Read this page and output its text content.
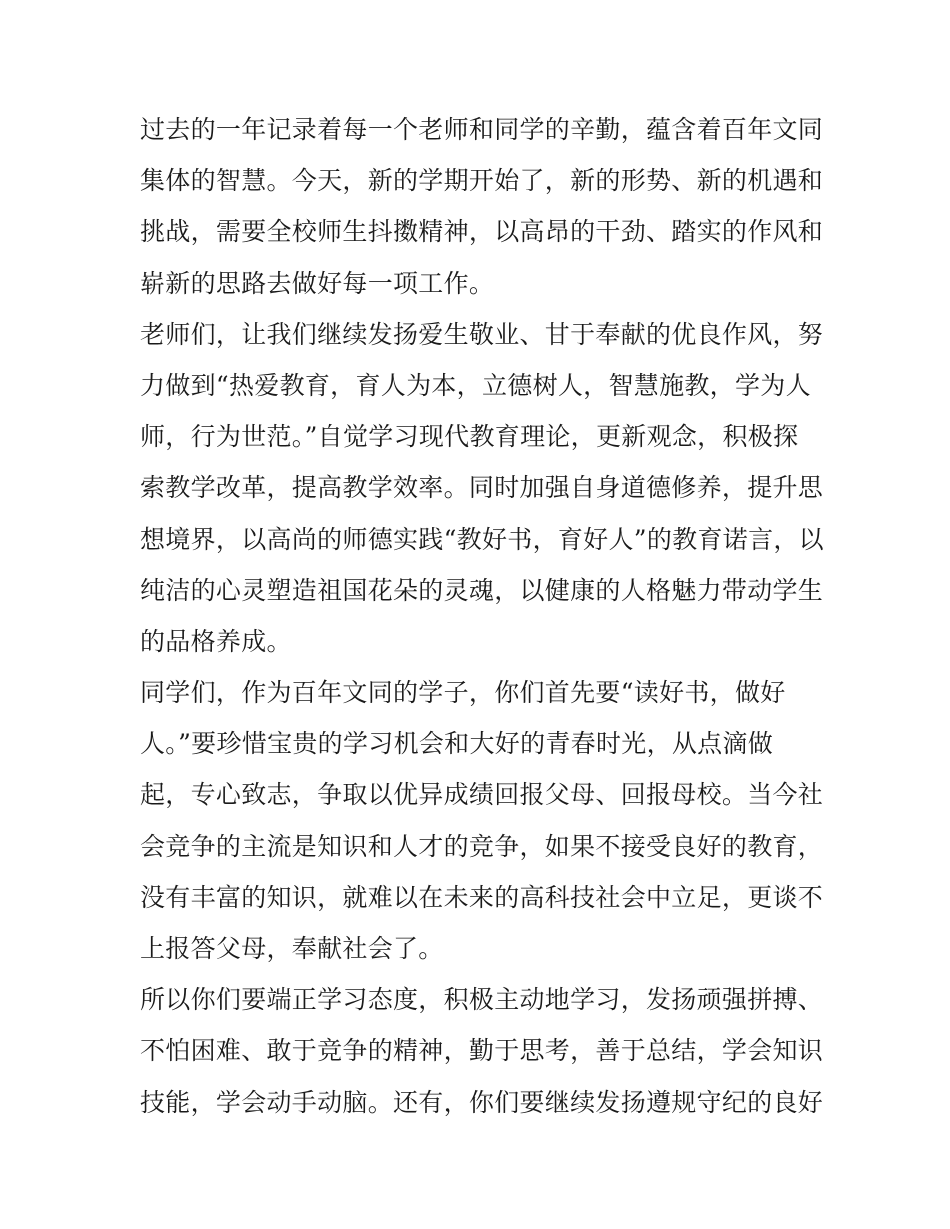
过去的一年记录着每一个老师和同学的辛勤，蕴含着百年文同
集体的智慧。今天，新的学期开始了，新的形势、新的机遇和
挑战，需要全校师生抖擞精神，以高昂的干劲、踏实的作风和
崭新的思路去做好每一项工作。
老师们，让我们继续发扬爱生敬业、甘于奉献的优良作风，努
力做到“热爱教育，育人为本，立德树人，智慧施教，学为人
师，行为世范。”自觉学习现代教育理论，更新观念，积极探
索教学改革，提高教学效率。同时加强自身道德修养，提升思
想境界，以高尚的师德实践“教好书，育好人”的教育诺言，以
纯洁的心灵塑造祖国花朵的灵魂，以健康的人格魅力带动学生
的品格养成。
同学们，作为百年文同的学子，你们首先要“读好书，做好
人。”要珍惜宝贵的学习机会和大好的青春时光，从点滴做
起，专心致志，争取以优异成绩回报父母、回报母校。当今社
会竞争的主流是知识和人才的竞争，如果不接受良好的教育，
没有丰富的知识，就难以在未来的高科技社会中立足，更谈不
上报答父母，奉献社会了。
所以你们要端正学习态度，积极主动地学习，发扬顽强拼搏、
不怕困难、敢于竞争的精神，勤于思考，善于总结，学会知识
技能，学会动手动脑。还有，你们要继续发扬遵规守纪的良好
